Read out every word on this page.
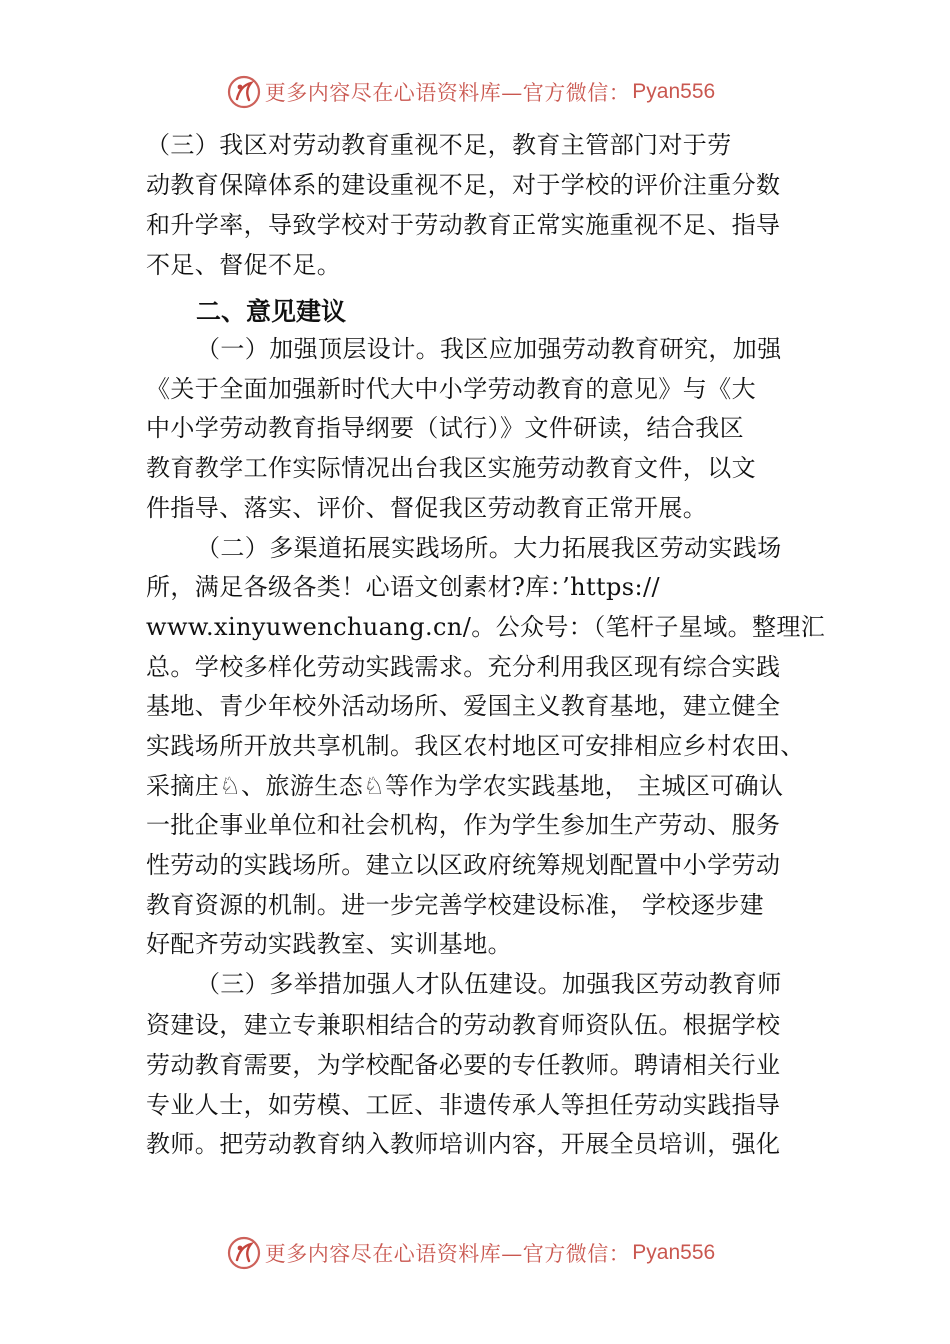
更多内容尽在心语资料库—官方微信： Pyan556
（三）我区对劳动教育重视不足，教育主管部门对于劳
动教育保障体系的建设重视不足，对于学校的评价注重分数
和升学率，导致学校对于劳动教育正常实施重视不足、指导
不足、督促不足。
二、意见建议
（一）加强顶层设计。我区应加强劳动教育研究，加强
《关于全面加强新时代大中小学劳动教育的意见》与《大
中小学劳动教育指导纲要（试行）》文件研读，结合我区
教育教学工作实际情况出台我区实施劳动教育文件，以文
件指导、落实、评价、督促我区劳动教育正常开展。
（二）多渠道拓展实践场所。大力拓展我区劳动实践场
所，满足各级各类！心语文创素材?库：’https://
www.xinyuwenchuang.cn/。公众号：（笔杆子星域。整理汇
总。学校多样化劳动实践需求。充分利用我区现有综合实践
基地、青少年校外活动场所、爱国主义教育基地，建立健全
实践场所开放共享机制。我区农村地区可安排相应乡村农田、
采摘庄♘、旅游生态♘等作为学农实践基地， 主城区可确认
一批企事业单位和社会机构，作为学生参加生产劳动、服务
性劳动的实践场所。建立以区政府统筹规划配置中小学劳动
教育资源的机制。进一步完善学校建设标准， 学校逐步建
好配齐劳动实践教室、实训基地。
（三）多举措加强人才队伍建设。加强我区劳动教育师
资建设，建立专兼职相结合的劳动教育师资队伍。根据学校
劳动教育需要，为学校配备必要的专任教师。聘请相关行业
专业人士，如劳模、工匠、非遗传承人等担任劳动实践指导
教师。把劳动教育纳入教师培训内容，开展全员培训，强化
更多内容尽在心语资料库—官方微信： Pyan556
